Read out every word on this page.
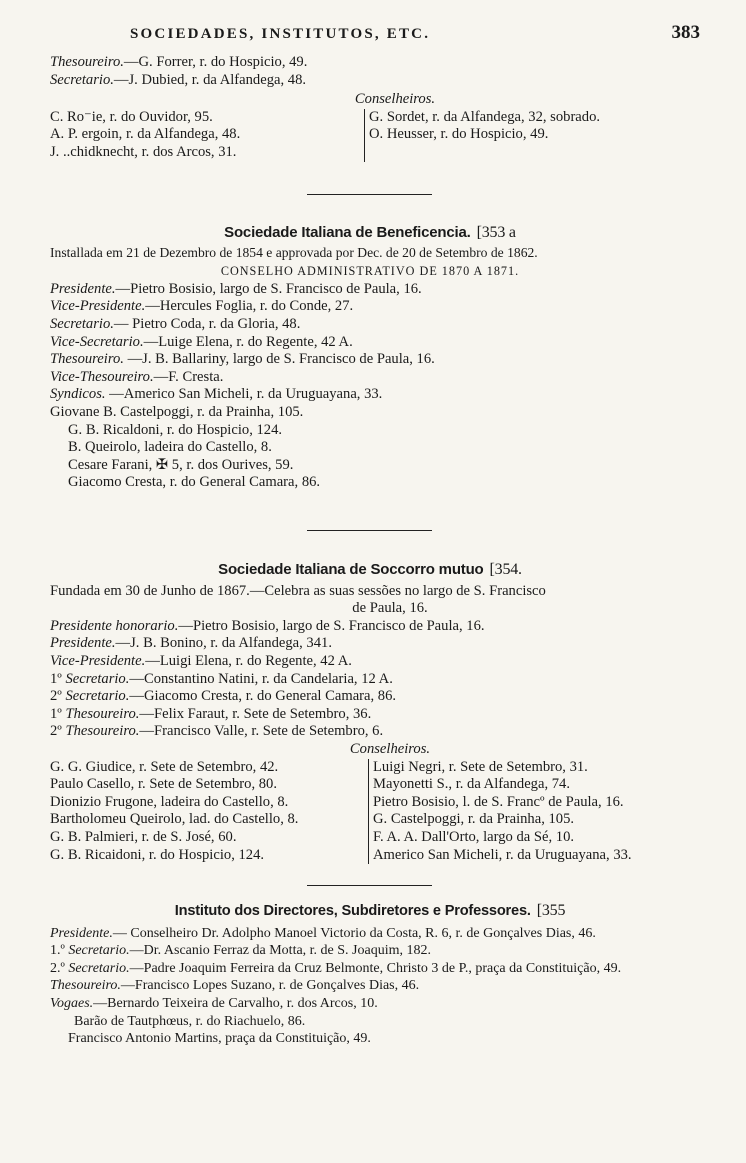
SOCIEDADES, INSTITUTOS, ETC.	383
Thesoureiro.—G. Forrer, r. do Hospicio, 49.
Secretario.—J. Dubied, r. da Alfandega, 48.
Conselheiros.
C. Ro⁻ie, r. do Ouvidor, 95.
A. P. ergoin, r. da Alfandega, 48.
J. ..chidknecht, r. dos Arcos, 31.
G. Sordet, r. da Alfandega, 32, sobrado.
O. Heusser, r. do Hospicio, 49.

Sociedade Italiana de Beneficencia. [353 a
Installada em 21 de Dezembro de 1854 e approvada por Dec. de 20 de Setembro de 1862.
CONSELHO ADMINISTRATIVO DE 1870 A 1871.
Presidente.—Pietro Bosisio, largo de S. Francisco de Paula, 16.
Vice-Presidente.—Hercules Foglia, r. do Conde, 27.
Secretario.— Pietro Coda, r. da Gloria, 48.
Vice-Secretario.—Luige Elena, r. do Regente, 42 A.
Thesoureiro. —J. B. Ballariny, largo de S. Francisco de Paula, 16.
Vice-Thesoureiro.—F. Cresta.
Syndicos. —Americo San Micheli, r. da Uruguayana, 33.
Giovane B. Castelpoggi, r. da Prainha, 105.
G. B. Ricaldoni, r. do Hospicio, 124.
B. Queirolo, ladeira do Castello, 8.
Cesare Farani, ✠ 5, r. dos Ourives, 59.
Giacomo Cresta, r. do General Camara, 86.
Sociedade Italiana de Soccorro mutuo [354.
Fundada em 30 de Junho de 1867.—Celebra as suas sessões no largo de S. Francisco
de Paula, 16.
Presidente honorario.—Pietro Bosisio, largo de S. Francisco de Paula, 16.
Presidente.—J. B. Bonino, r. da Alfandega, 341.
Vice-Presidente.—Luigi Elena, r. do Regente, 42 A.
1º Secretario.—Constantino Natini, r. da Candelaria, 12 A.
2º Secretario.—Giacomo Cresta, r. do General Camara, 86.
1º Thesoureiro.—Felix Faraut, r. Sete de Setembro, 36.
2º Thesoureiro.—Francisco Valle, r. Sete de Setembro, 6.
Conselheiros.
G. G. Giudice, r. Sete de Setembro, 42.
Paulo Casello, r. Sete de Setembro, 80.
Dionizio Frugone, ladeira do Castello, 8.
Bartholomeu Queirolo, lad. do Castello, 8.
G. B. Palmieri, r. de S. José, 60.
G. B. Ricaidoni, r. do Hospicio, 124.
Luigi Negri, r. Sete de Setembro, 31.
Mayonetti S., r. da Alfandega, 74.
Pietro Bosisio, l. de S. Francº de Paula, 16.
G. Castelpoggi, r. da Prainha, 105.
F. A. A. Dall'Orto, largo da Sé, 10.
Americo San Micheli, r. da Uruguayana, 33.
Instituto dos Directores, Subdiretores e Professores. [355
Presidente.— Conselheiro Dr. Adolpho Manoel Victorio da Costa, R. 6, r. de Gonçalves Dias, 46.
1.º Secretario.—Dr. Ascanio Ferraz da Motta, r. de S. Joaquim, 182.
2.º Secretario.—Padre Joaquim Ferreira da Cruz Belmonte, Christo 3 de P., praça da Constituição, 49.
Thesoureiro.—Francisco Lopes Suzano, r. de Gonçalves Dias, 46.
Vogaes.—Bernardo Teixeira de Carvalho, r. dos Arcos, 10.
Barão de Tautphœus, r. do Riachuelo, 86.
Francisco Antonio Martins, praça da Constituição, 49.
